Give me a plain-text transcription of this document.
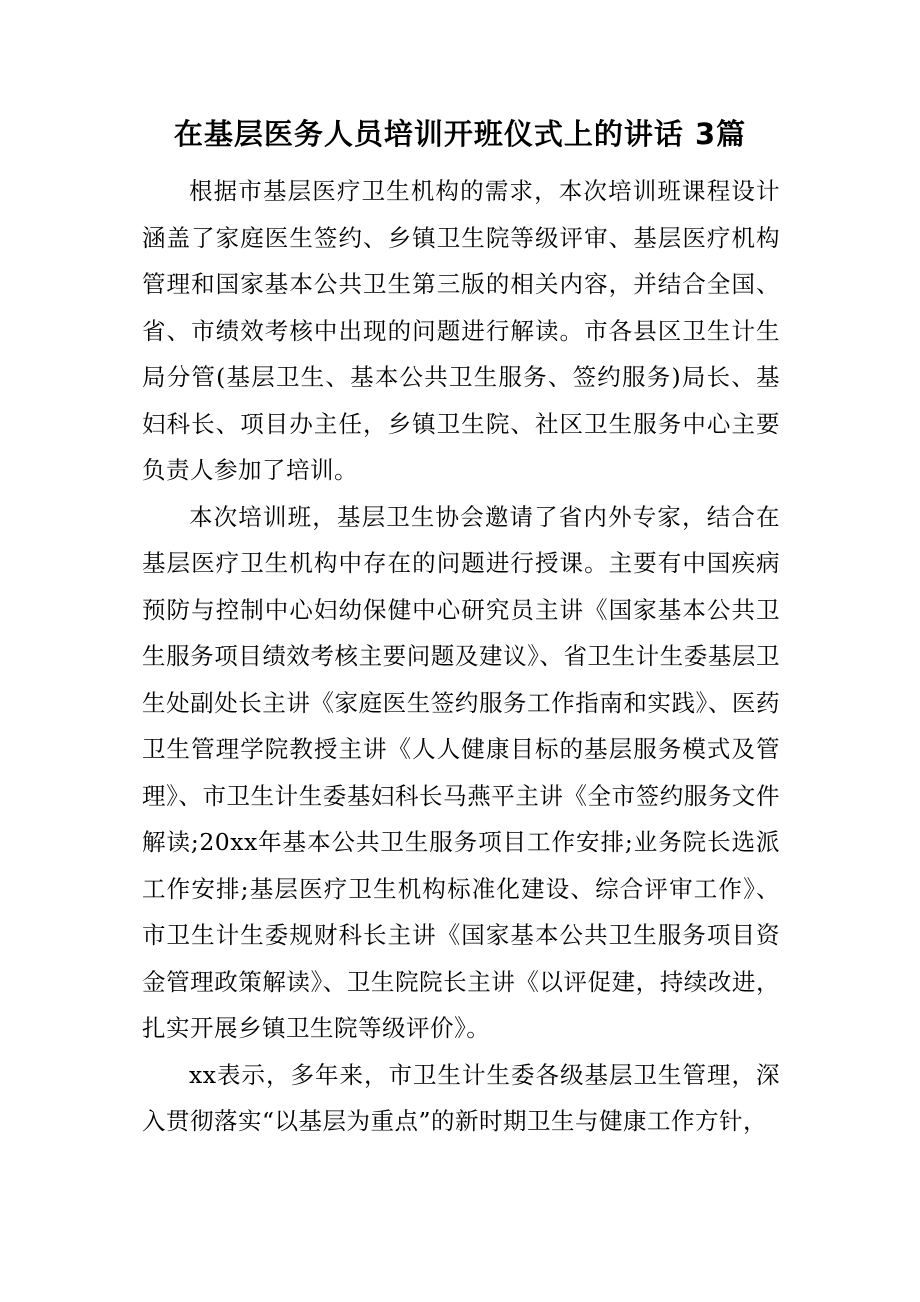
在基层医务人员培训开班仪式上的讲话 3篇

根据市基层医疗卫生机构的需求，本次培训班课程设计涵盖了家庭医生签约、乡镇卫生院等级评审、基层医疗机构管理和国家基本公共卫生第三版的相关内容，并结合全国、省、市绩效考核中出现的问题进行解读。市各县区卫生计生局分管(基层卫生、基本公共卫生服务、签约服务)局长、基妇科长、项目办主任，乡镇卫生院、社区卫生服务中心主要负责人参加了培训。

本次培训班，基层卫生协会邀请了省内外专家，结合在基层医疗卫生机构中存在的问题进行授课。主要有中国疾病预防与控制中心妇幼保健中心研究员主讲《国家基本公共卫生服务项目绩效考核主要问题及建议》、省卫生计生委基层卫生处副处长主讲《家庭医生签约服务工作指南和实践》、医药卫生管理学院教授主讲《人人健康目标的基层服务模式及管理》、市卫生计生委基妇科长马燕平主讲《全市签约服务文件解读;20xx年基本公共卫生服务项目工作安排;业务院长选派工作安排;基层医疗卫生机构标准化建设、综合评审工作》、市卫生计生委规财科长主讲《国家基本公共卫生服务项目资金管理政策解读》、卫生院院长主讲《以评促建，持续改进，扎实开展乡镇卫生院等级评价》。

xx表示，多年来，市卫生计生委各级基层卫生管理，深入贯彻落实“以基层为重点”的新时期卫生与健康工作方针，
